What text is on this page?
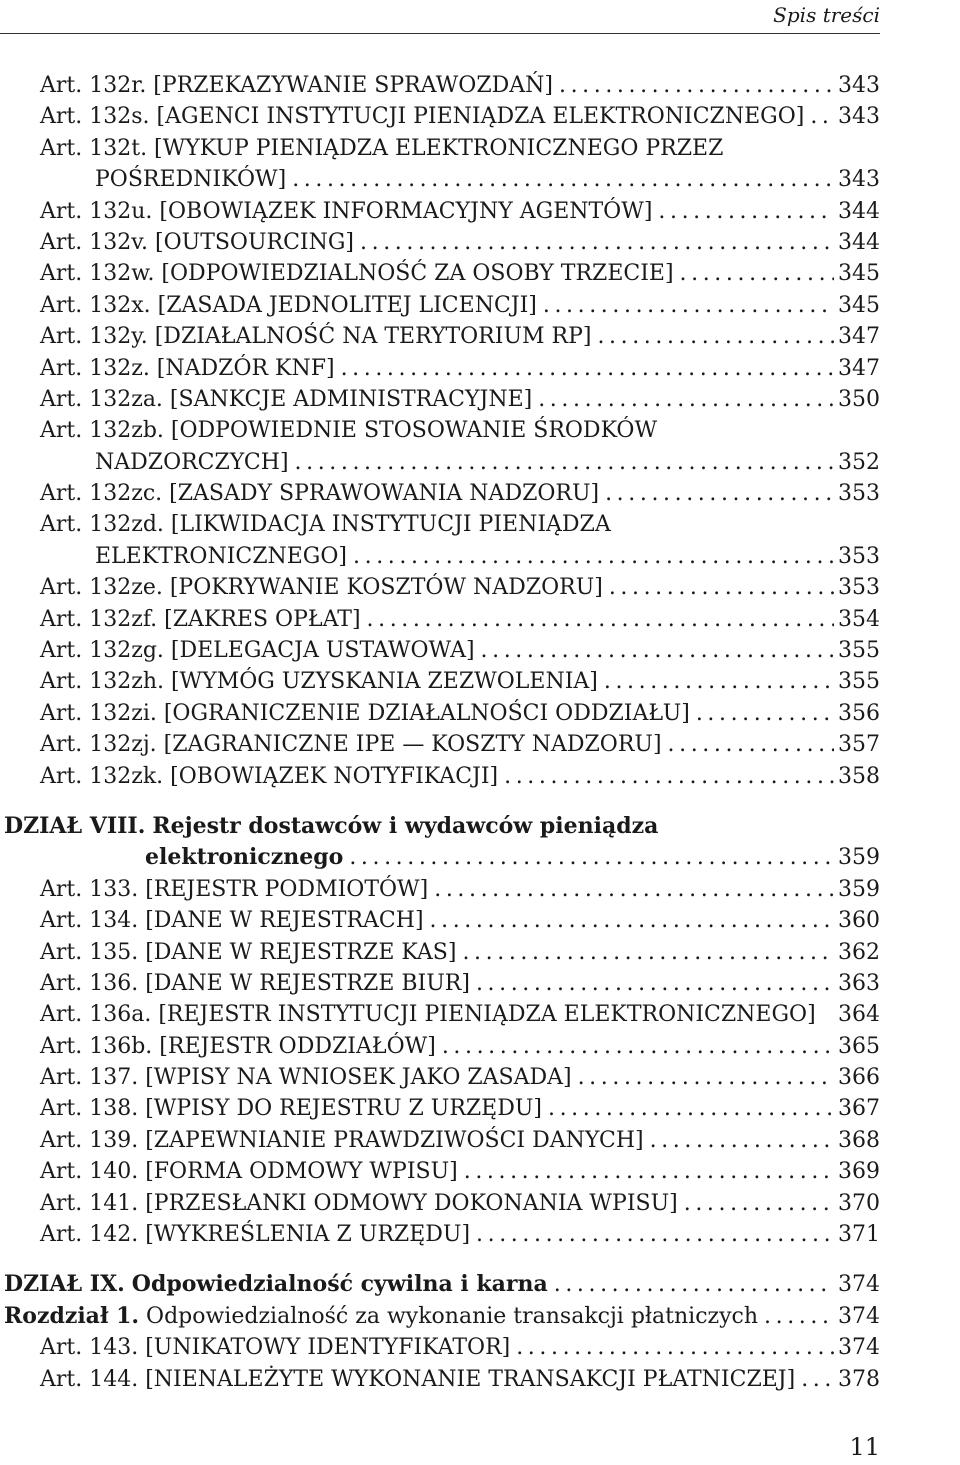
Spis treści
Art. 132r. [PRZEKAZYWANIE SPRAWOZDAŃ] . . .	343
Art. 132s. [AGENCI INSTYTUCJI PIENIĄDZA ELEKTRONICZNEGO] . . . 343
Art. 132t. [WYKUP PIENIĄDZA ELEKTRONICZNEGO PRZEZ
POŚREDNIKÓW] . . .	343
Art. 132u. [OBOWIĄZEK INFORMACYJNY AGENTÓW] . . .	344
Art. 132v. [OUTSOURCING] . . .	344
Art. 132w. [ODPOWIEDZIALNOŚĆ ZA OSOBY TRZECIE] . . .	345
Art. 132x. [ZASADA JEDNOLITEJ LICENCJI] . . .	345
Art. 132y. [DZIAŁALNOŚĆ NA TERYTORIUM RP] . . .	347
Art. 132z. [NADZÓR KNF] . . .	347
Art. 132za. [SANKCJE ADMINISTRACYJNE] . . .	350
Art. 132zb. [ODPOWIEDNIE STOSOWANIE ŚRODKÓW
NADZORCZYCH] . . .	352
Art. 132zc. [ZASADY SPRAWOWANIA NADZORU] . . .	353
Art. 132zd. [LIKWIDACJA INSTYTUCJI PIENIĄDZA
ELEKTRONICZNEGO] . . .	353
Art. 132ze. [POKRYWANIE KOSZTÓW NADZORU] . . .	353
Art. 132zf. [ZAKRES OPŁAT] . . .	354
Art. 132zg. [DELEGACJA USTAWOWA] . . .	355
Art. 132zh. [WYMÓG UZYSKANIA ZEZWOLENIA] . . .	355
Art. 132zi. [OGRANICZENIE DZIAŁALNOŚCI ODDZIAŁU] . . .	356
Art. 132zj. [ZAGRANICZNE IPE — KOSZTY NADZORU] . . .	357
Art. 132zk. [OBOWIĄZEK NOTYFIKACJI] . . .	358
DZIAŁ VIII. Rejestr dostawców i wydawców pieniądza
elektronicznego . . .	359
Art. 133. [REJESTR PODMIOTÓW] . . .	359
Art. 134. [DANE W REJESTRACH] . . .	360
Art. 135. [DANE W REJESTRZE KAS] . . .	362
Art. 136. [DANE W REJESTRZE BIUR] . . .	363
Art. 136a. [REJESTR INSTYTUCJI PIENIĄDZA ELEKTRONICZNEGO] 364
Art. 136b. [REJESTR ODDZIAŁÓW] . . .	365
Art. 137. [WPISY NA WNIOSEK JAKO ZASADA] . . .	366
Art. 138. [WPISY DO REJESTRU Z URZĘDU] . . .	367
Art. 139. [ZAPEWNIANIE PRAWDZIWOŚCI DANYCH] . . .	368
Art. 140. [FORMA ODMOWY WPISU] . . .	369
Art. 141. [PRZESŁANKI ODMOWY DOKONANIA WPISU] . . .	370
Art. 142. [WYKREŚLENIA Z URZĘDU] . . .	371
DZIAŁ IX. Odpowiedzialność cywilna i karna . . .	374
Rozdział 1. Odpowiedzialność za wykonanie transakcji płatniczych . . .	374
Art. 143. [UNIKATOWY IDENTYFIKATOR] . . .	374
Art. 144. [NIENALEŻYTE WYKONANIE TRANSAKCJI PŁATNICZEJ] . . . 378
11
